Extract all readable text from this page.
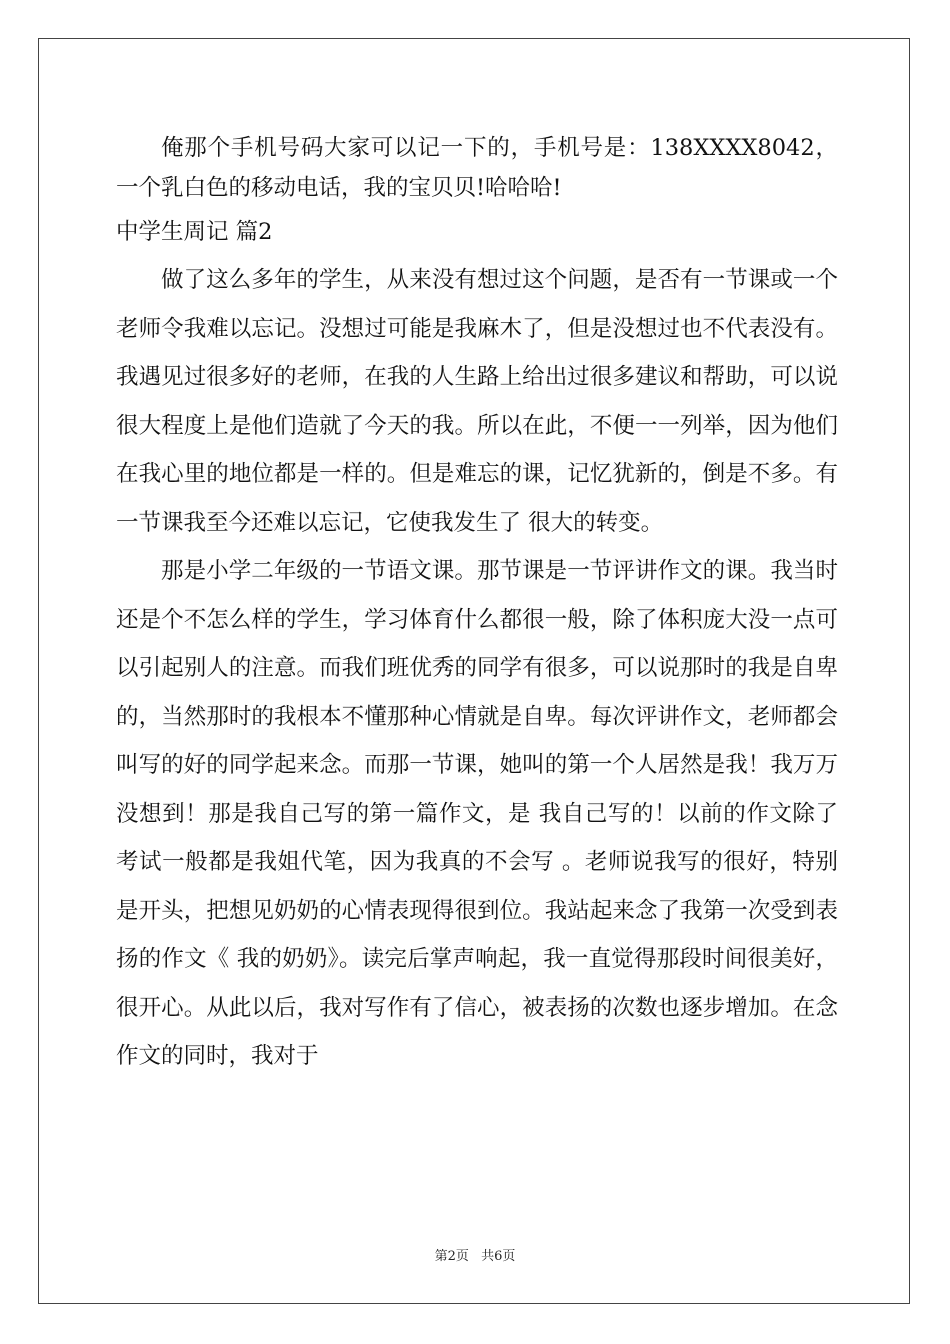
俺那个手机号码大家可以记一下的，手机号是：138XXXX8042，一个乳白色的移动电话，我的宝贝贝!哈哈哈!

中学生周记 篇2

做了这么多年的学生，从来没有想过这个问题，是否有一节课或一个老师令我难以忘记。没想过可能是我麻木了，但是没想过也不代表没有。我遇见过很多好的老师，在我的人生路上给出过很多建议和帮助，可以说很大程度上是他们造就了今天的我。所以在此，不便一一列举，因为他们在我心里的地位都是一样的。但是难忘的课，记忆犹新的，倒是不多。有一节课我至今还难以忘记，它使我发生了 很大的转变。

那是小学二年级的一节语文课。那节课是一节评讲作文的课。我当时还是个不怎么样的学生，学习体育什么都很一般，除了体积庞大没一点可以引起别人的注意。而我们班优秀的同学有很多，可以说那时的我是自卑的，当然那时的我根本不懂那种心情就是自卑。每次评讲作文，老师都会叫写的好的同学起来念。而那一节课，她叫的第一个人居然是我！我万万没想到！那是我自己写的第一篇作文，是 我自己写的！以前的作文除了考试一般都是我姐代笔，因为我真的不会写 。老师说我写的很好，特别是开头，把想见奶奶的心情表现得很到位。我站起来念了我第一次受到表扬的作文《 我的奶奶》。读完后掌声响起，我一直觉得那段时间很美好，很开心。从此以后，我对写作有了信心，被表扬的次数也逐步增加。在念作文的同时，我对于

第2页 共6页
